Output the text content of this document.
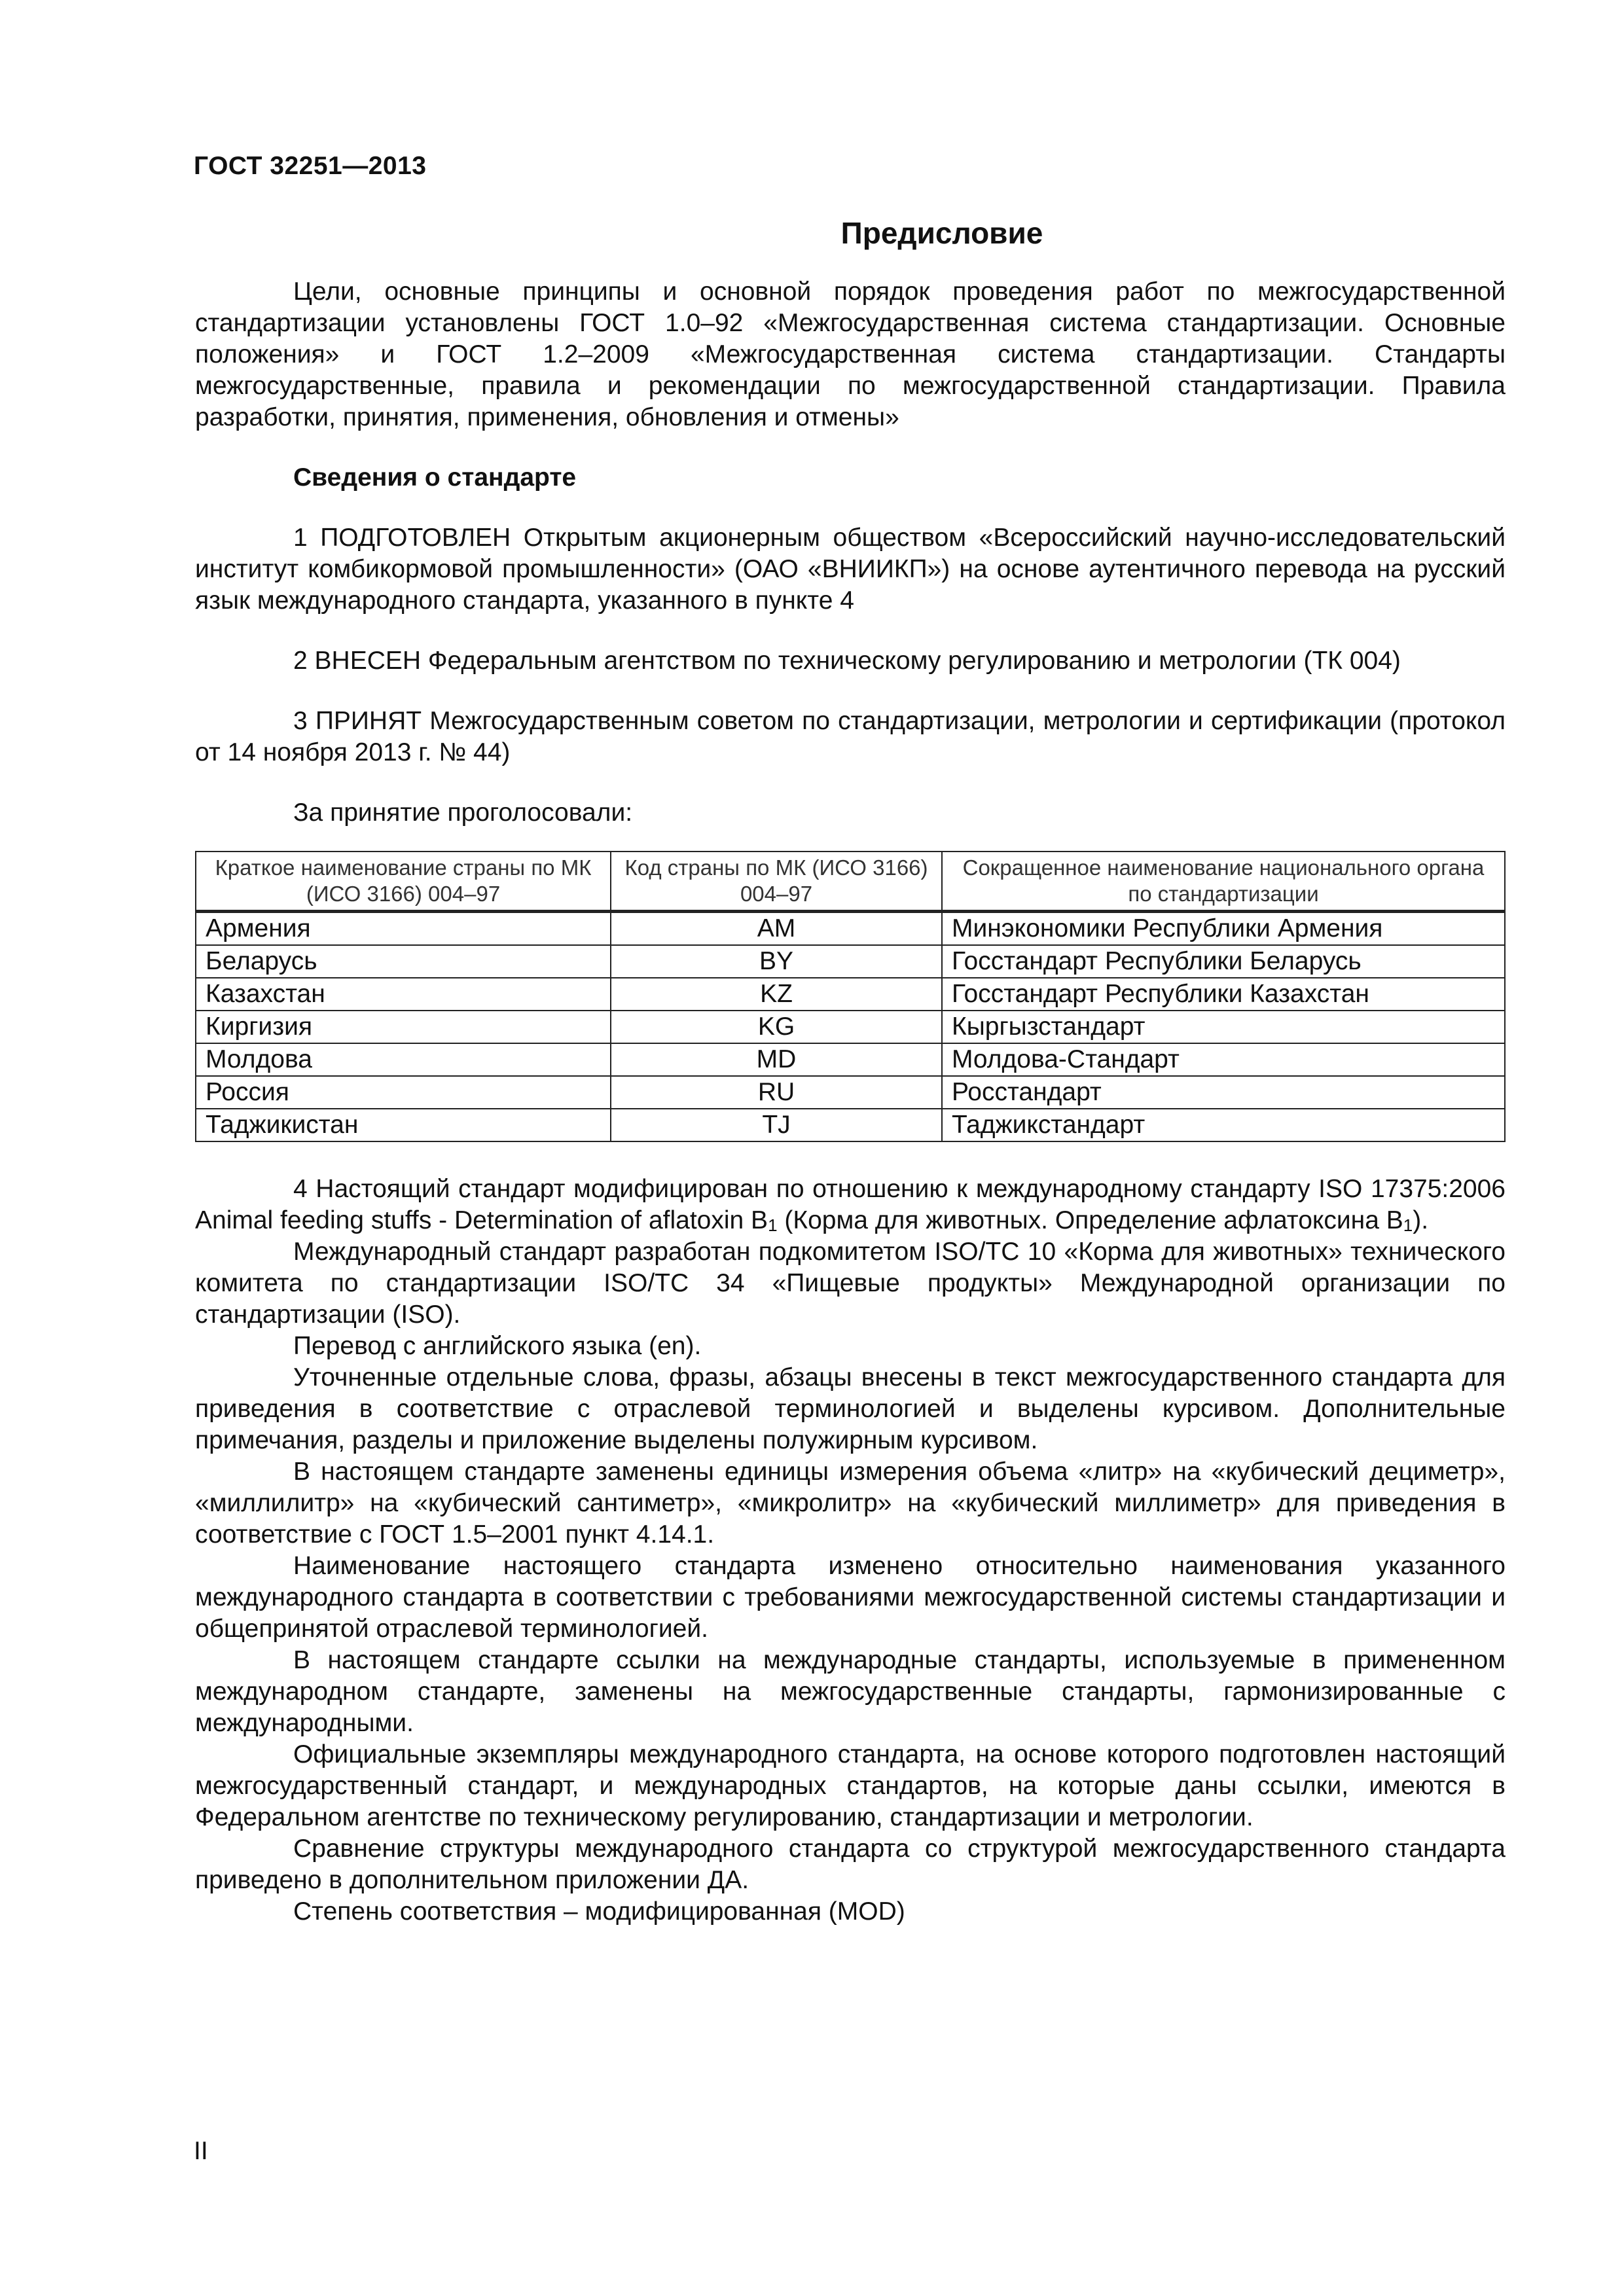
ГОСТ 32251—2013
Предисловие

Цели, основные принципы и основной порядок проведения работ по межгосударственной стандартизации установлены ГОСТ 1.0–92 «Межгосударственная система стандартизации. Основные положения» и ГОСТ 1.2–2009 «Межгосударственная система стандартизации. Стандарты межгосударственные, правила и рекомендации по межгосударственной стандартизации. Правила разработки, принятия, применения, обновления и отмены»

Сведения о стандарте

1 ПОДГОТОВЛЕН Открытым акционерным обществом «Всероссийский научно-исследовательский институт комбикормовой промышленности» (ОАО «ВНИИКП») на основе аутентичного перевода на русский язык международного стандарта, указанного в пункте 4

2 ВНЕСЕН Федеральным агентством по техническому регулированию и метрологии (ТК 004)

3 ПРИНЯТ Межгосударственным советом по стандартизации, метрологии и сертификации (протокол от 14 ноября 2013 г. № 44)

За принятие проголосовали:
Краткое наименование страны по МК (ИСО 3166) 004–97	Код страны по МК (ИСО 3166) 004–97	Сокращенное наименование национального органа по стандартизации
Армения	AM	Минэкономики Республики Армения
Беларусь	BY	Госстандарт Республики Беларусь
Казахстан	KZ	Госстандарт Республики Казахстан
Киргизия	KG	Кыргызстандарт
Молдова	MD	Молдова-Стандарт
Россия	RU	Росстандарт
Таджикистан	TJ	Таджикстандарт

4 Настоящий стандарт модифицирован по отношению к международному стандарту ISO 17375:2006 Animal feeding stuffs - Determination of aflatoxin $B_1$ (Корма для животных. Определение афлатоксина $B_1$).

Международный стандарт разработан подкомитетом ISO/TC 10 «Корма для животных» технического комитета по стандартизации ISO/TC 34 «Пищевые продукты» Международной организации по стандартизации (ISO).

Перевод с английского языка (en).

Уточненные отдельные слова, фразы, абзацы внесены в текст межгосударственного стандарта для приведения в соответствие с отраслевой терминологией и выделены курсивом. Дополнительные примечания, разделы и приложение выделены полужирным курсивом.

В настоящем стандарте заменены единицы измерения объема «литр» на «кубический дециметр», «миллилитр» на «кубический сантиметр», «микролитр» на «кубический миллиметр» для приведения в соответствие с ГОСТ 1.5–2001 пункт 4.14.1.

Наименование настоящего стандарта изменено относительно наименования указанного международного стандарта в соответствии с требованиями межгосударственной системы стандартизации и общепринятой отраслевой терминологией.

В настоящем стандарте ссылки на международные стандарты, используемые в примененном международном стандарте, заменены на межгосударственные стандарты, гармонизированные с международными.

Официальные экземпляры международного стандарта, на основе которого подготовлен настоящий межгосударственный стандарт, и международных стандартов, на которые даны ссылки, имеются в Федеральном агентстве по техническому регулированию, стандартизации и метрологии.

Сравнение структуры международного стандарта со структурой межгосударственного стандарта приведено в дополнительном приложении ДА.

Степень соответствия – модифицированная (MOD)

II
